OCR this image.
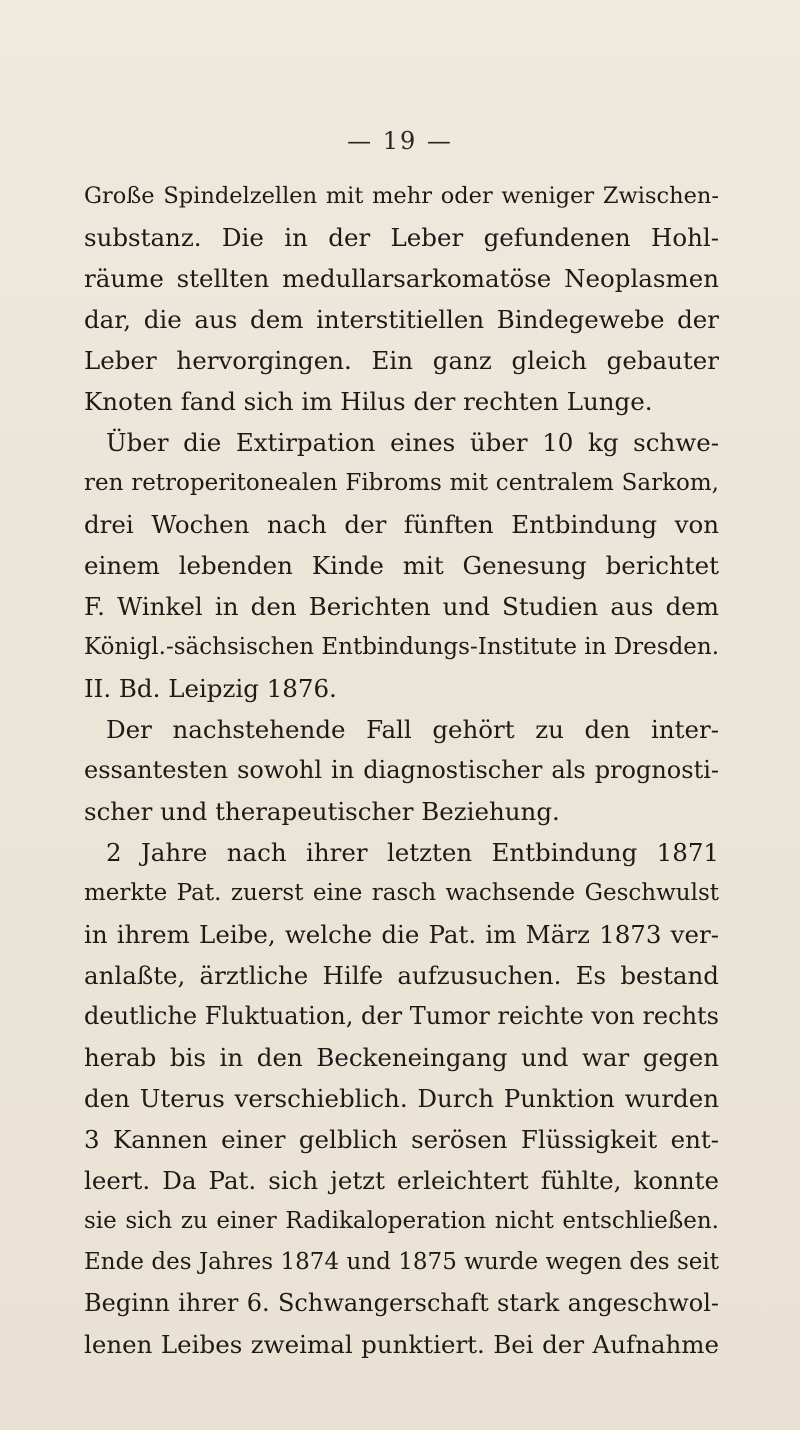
— 19 —
Große Spindelzellen mit mehr oder weniger Zwischen-
substanz. Die in der Leber gefundenen Hohl-
räume stellten medullarsarkomatöse Neoplasmen
dar, die aus dem interstitiellen Bindegewebe der
Leber hervorgingen. Ein ganz gleich gebauter
Knoten fand sich im Hilus der rechten Lunge.
Über die Extirpation eines über 10 kg schwe-
ren retroperitonealen Fibroms mit centralem Sarkom,
drei Wochen nach der fünften Entbindung von
einem lebenden Kinde mit Genesung berichtet
F. Winkel in den Berichten und Studien aus dem
Königl.-sächsischen Entbindungs-Institute in Dresden.
II. Bd. Leipzig 1876.
Der nachstehende Fall gehört zu den inter-
essantesten sowohl in diagnostischer als prognosti-
scher und therapeutischer Beziehung.
2 Jahre nach ihrer letzten Entbindung 1871
merkte Pat. zuerst eine rasch wachsende Geschwulst
in ihrem Leibe, welche die Pat. im März 1873 ver-
anlaßte, ärztliche Hilfe aufzusuchen. Es bestand
deutliche Fluktuation, der Tumor reichte von rechts
herab bis in den Beckeneingang und war gegen
den Uterus verschieblich. Durch Punktion wurden
3 Kannen einer gelblich serösen Flüssigkeit ent-
leert. Da Pat. sich jetzt erleichtert fühlte, konnte
sie sich zu einer Radikaloperation nicht entschließen.
Ende des Jahres 1874 und 1875 wurde wegen des seit
Beginn ihrer 6. Schwangerschaft stark angeschwol-
lenen Leibes zweimal punktiert. Bei der Aufnahme
